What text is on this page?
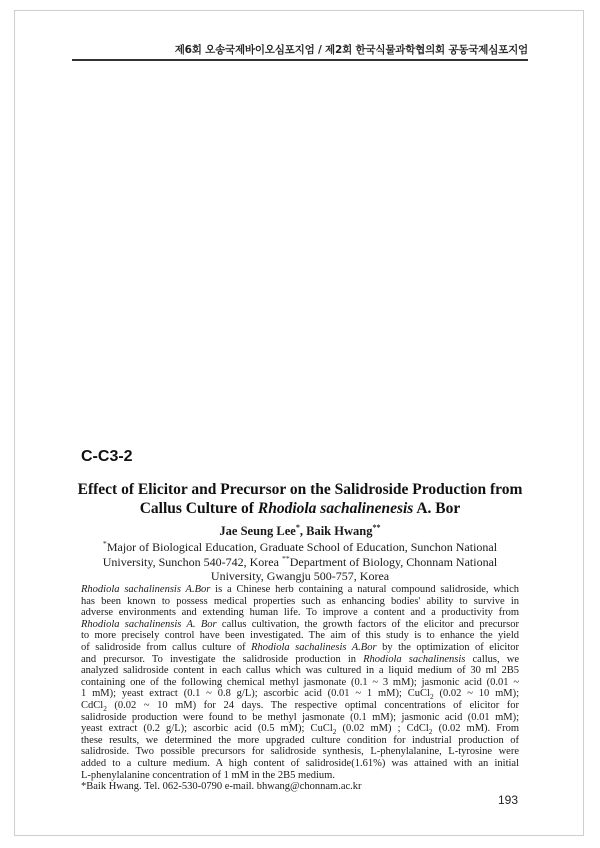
제6회 오송국제바이오심포지엄 / 제2회 한국식물과학협의회 공동국제심포지엄
C-C3-2
Effect of Elicitor and Precursor on the Salidroside Production from
Callus Culture of Rhodiola sachalinenesis A. Bor
Jae Seung Lee*, Baik Hwang**
*Major of Biological Education, Graduate School of Education, Sunchon National
University, Sunchon 540-742, Korea **Department of Biology, Chonnam National
University, Gwangju 500-757, Korea
Rhodiola sachalinensis A.Bor is a Chinese herb containing a natural compound salidroside, which
has been known to possess medical properties such as enhancing bodies' ability to survive in
adverse environments and extending human life. To improve a content and a productivity from
Rhodiola sachalinensis A. Bor callus cultivation, the growth factors of the elicitor and precursor
to more precisely control have been investigated. The aim of this study is to enhance the yield
of salidroside from callus culture of Rhodiola sachalinesis A.Bor by the optimization of elicitor
and precursor. To investigate the salidroside production in Rhodiola sachalinensis callus, we
analyzed salidroside content in each callus which was cultured in a liquid medium of 30 ml 2B5
containing one of the following chemical methyl jasmonate (0.1 ~ 3 mM); jasmonic acid (0.01 ~
1 mM); yeast extract (0.1 ~ 0.8 g/L); ascorbic acid (0.01 ~ 1 mM); CuCl$_2$ (0.02 ~ 10 mM);
CdCl$_2$ (0.02 ~ 10 mM) for 24 days. The respective optimal concentrations of elicitor for
salidroside production were found to be methyl jasmonate (0.1 mM); jasmonic acid (0.01 mM);
yeast extract (0.2 g/L); ascorbic acid (0.5 mM); CuCl$_2$ (0.02 mM) ; CdCl$_2$ (0.02 mM). From
these results, we determined the more upgraded culture condition for industrial production of
salidroside. Two possible precursors for salidroside synthesis, L-phenylalanine, L-tyrosine were
added to a culture medium. A high content of salidroside(1.61%) was attained with an initial
L-phenylalanine concentration of 1 mM in the 2B5 medium.
*Baik Hwang. Tel. 062-530-0790 e-mail. bhwang@chonnam.ac.kr
193
